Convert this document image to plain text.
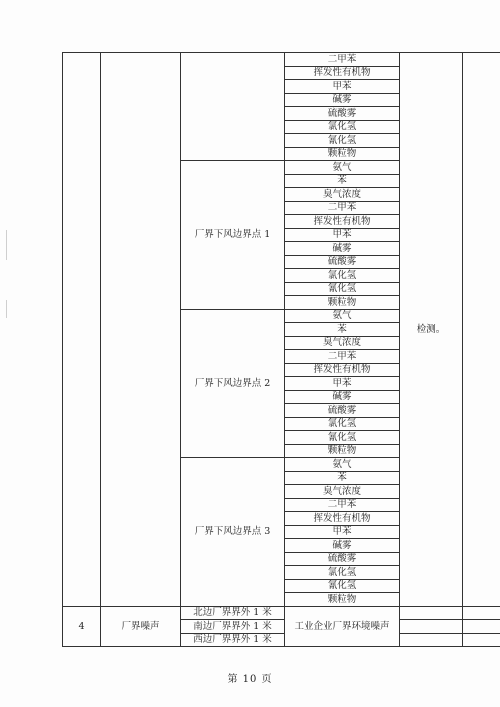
			二甲苯	检测。	
			挥发性有机物		
			甲苯		
			碱雾		
			硫酸雾		
			氯化氢		
			氰化氢		
			颗粒物		
		厂界下风边界点 1	氨气		
			苯		
			臭气浓度		
			二甲苯		
			挥发性有机物		
			甲苯		
			碱雾		
			硫酸雾		
			氯化氢		
			氰化氢		
			颗粒物		
		厂界下风边界点 2	氨气		
			苯		
			臭气浓度		
			二甲苯		
			挥发性有机物		
			甲苯		
			碱雾		
			硫酸雾		
			氯化氢		
			氰化氢		
			颗粒物		
		厂界下风边界点 3	氨气		
			苯		
			臭气浓度		
			二甲苯		
			挥发性有机物		
			甲苯		
			碱雾		
			硫酸雾		
			氯化氢		
			氰化氢		
			颗粒物		
4	厂界噪声	北边厂界界外 1 米	工业企业厂界环境噪声		
		南边厂界界外 1 米			
		西边厂界界外 1 米			
第 10 页
